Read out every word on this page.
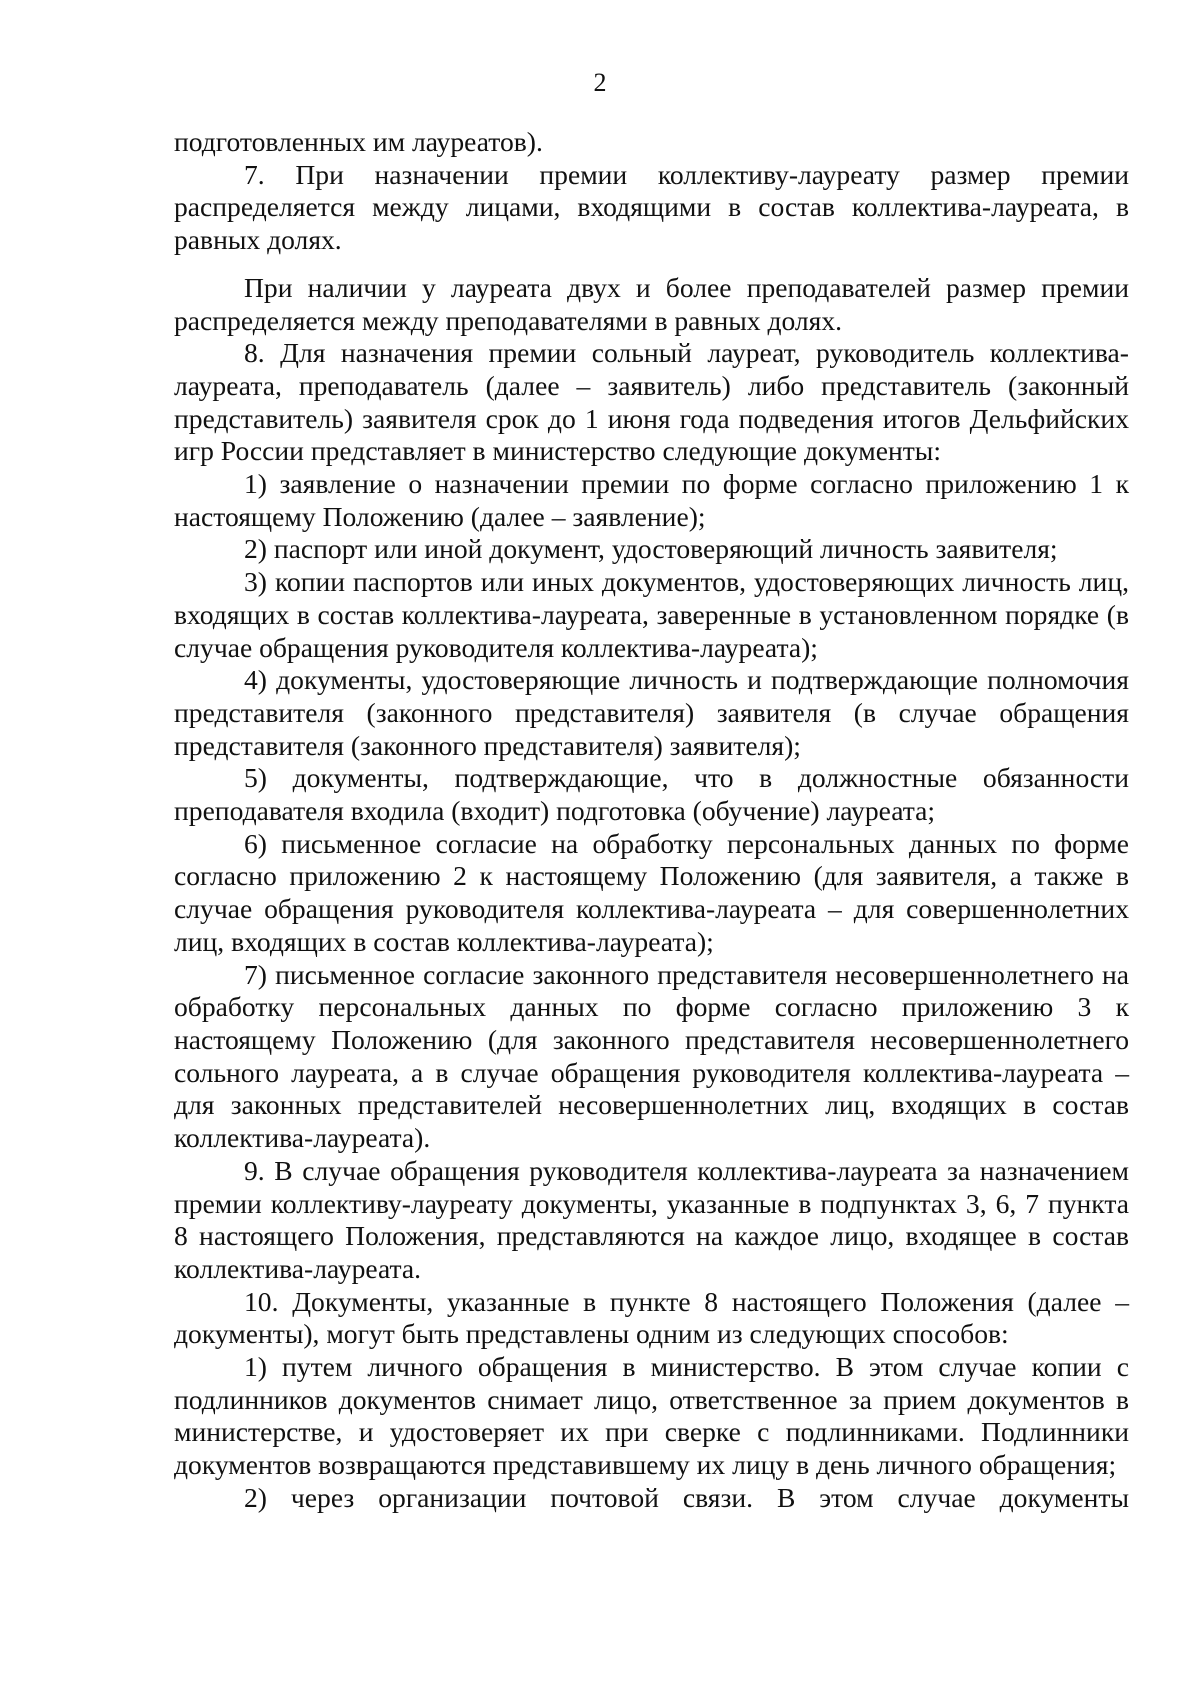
2

подготовленных им лауреатов).

7. При назначении премии коллективу-лауреату размер премии распределяется между лицами, входящими в состав коллектива-лауреата, в равных долях.

При наличии у лауреата двух и более преподавателей размер премии распределяется между преподавателями в равных долях.

8. Для назначения премии сольный лауреат, руководитель коллектива-лауреата, преподаватель (далее – заявитель) либо представитель (законный представитель) заявителя срок до 1 июня года подведения итогов Дельфийских игр России представляет в министерство следующие документы:

1) заявление о назначении премии по форме согласно приложению 1 к настоящему Положению (далее – заявление);

2) паспорт или иной документ, удостоверяющий личность заявителя;

3) копии паспортов или иных документов, удостоверяющих личность лиц, входящих в состав коллектива-лауреата, заверенные в установленном порядке (в случае обращения руководителя коллектива-лауреата);

4) документы, удостоверяющие личность и подтверждающие полномочия представителя (законного представителя) заявителя (в случае обращения представителя (законного представителя) заявителя);

5) документы, подтверждающие, что в должностные обязанности преподавателя входила (входит) подготовка (обучение) лауреата;

6) письменное согласие на обработку персональных данных по форме согласно приложению 2 к настоящему Положению (для заявителя, а также в случае обращения руководителя коллектива-лауреата – для совершеннолетних лиц, входящих в состав коллектива-лауреата);

7) письменное согласие законного представителя несовершеннолетнего на обработку персональных данных по форме согласно приложению 3 к настоящему Положению (для законного представителя несовершеннолетнего сольного лауреата, а в случае обращения руководителя коллектива-лауреата – для законных представителей несовершеннолетних лиц, входящих в состав коллектива-лауреата).

9. В случае обращения руководителя коллектива-лауреата за назначением премии коллективу-лауреату документы, указанные в подпунктах 3, 6, 7 пункта 8 настоящего Положения, представляются на каждое лицо, входящее в состав коллектива-лауреата.

10. Документы, указанные в пункте 8 настоящего Положения (далее – документы), могут быть представлены одним из следующих способов:

1) путем личного обращения в министерство. В этом случае копии с подлинников документов снимает лицо, ответственное за прием документов в министерстве, и удостоверяет их при сверке с подлинниками. Подлинники документов возвращаются представившему их лицу в день личного обращения;

2) через организации почтовой связи. В этом случае документы
